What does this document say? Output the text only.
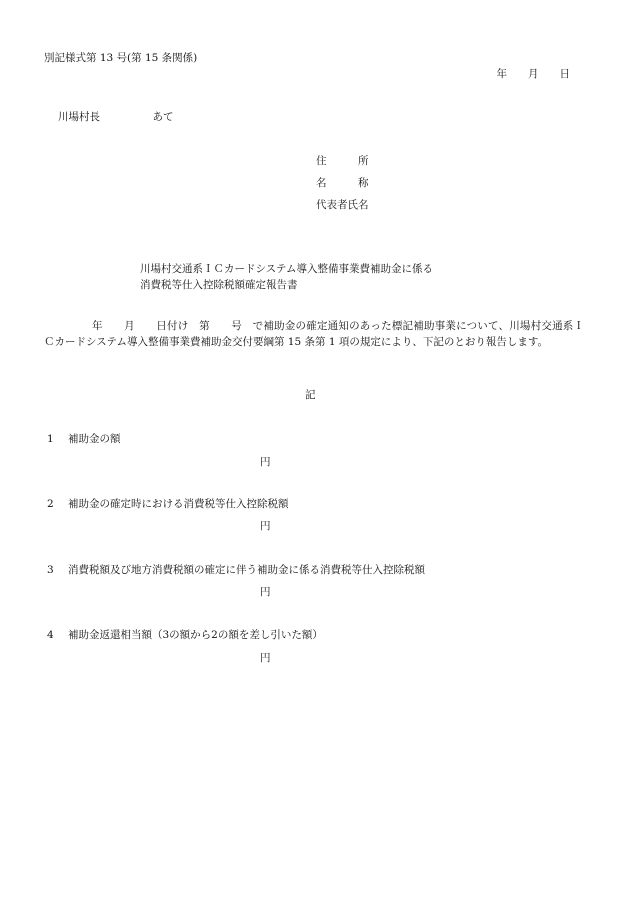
別記様式第 13 号(第 15 条関係)
年　　月　　日
川場村長　　　　　あて
住　　　所
名　　　称
代表者氏名
川場村交通系ＩＣカードシステム導入整備事業費補助金に係る
消費税等仕入控除税額確定報告書
年　　月　　日付け　第　　号　で補助金の確定通知のあった標記補助事業について、川場村交通系ＩＣカードシステム導入整備事業費補助金交付要綱第 15 条第 1 項の規定により、下記のとおり報告します。
記
1 補助金の額
円
2 補助金の確定時における消費税等仕入控除税額
円
3 消費税額及び地方消費税額の確定に伴う補助金に係る消費税等仕入控除税額
円
4 補助金返還相当額（3の額から2の額を差し引いた額）
円
